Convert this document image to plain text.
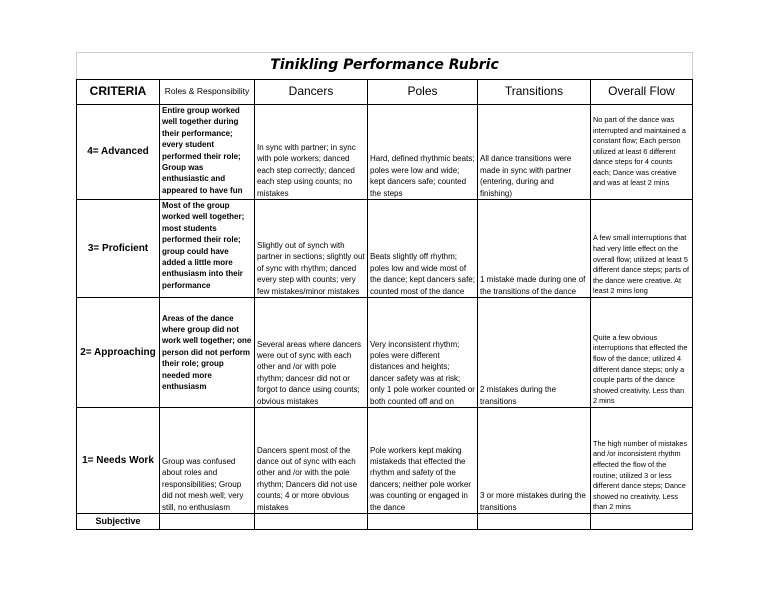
Tinikling Performance Rubric					
CRITERIA	Roles & Responsibility	Dancers	Poles	Transitions	Overall Flow
4= Advanced	Entire group worked well together during their performance; every student performed their role; Group was enthusiastic and appeared to have fun	In sync with partner; in sync with pole workers; danced each step correctly; danced each step using counts; no mistakes	Hard, defined rhythmic beats; poles were low and wide; kept dancers safe; counted the steps	All dance transitions were made in sync with partner (entering, during and finishing)	No part of the dance was interrupted and maintained a constant flow; Each person utilized at least 6 different dance steps for 4 counts each; Dance was creative and was at least 2 mins
3= Proficient	Most of the group worked well together; most students performed their role; group could have added a little more enthusiasm into their performance	Slightly out of synch with partner in sections; slightly out of sync with rhythm; danced every step with counts; very few mistakes/minor mistakes	Beats slightly off rhythm; poles low and wide most of the dance; kept dancers safe; counted most of the dance	1 mistake made during one of the transitions of the dance	A few small interruptions that had very little effect on the overall flow; utilized at least 5 different dance steps; parts of the dance were creative. At least 2 mins long
2= Approaching	Areas of the dance where group did not work well together; one person did not perform their role; group needed more enthusiasm	Several areas where dancers were out of sync with each other and /or with pole rhythm; dancesr did not or forgot to dance using counts; obvious mistakes	Very inconsistent rhythm; poles were different distances and heights; dancer safety was at risk; only 1 pole worker counted or both counted off and on	2 mistakes during the transitions	Quite a few obvious interruptions that effected the flow of the dance; utilized 4 different dance steps; only a couple parts of the dance showed creativity. Less than 2 mins
1= Needs Work	Group was confused about roles and responsibilities; Group did not mesh well; very still, no enthusiasm	Dancers spent most of the dance out of sync with each other and /or with the pole rhythm; Dancers did not use counts; 4 or more obvious mistakes	Pole workers kept making mistakeds that effected the rhythm and safety of the dancers; neither pole worker was counting or engaged in the dance	3 or more mistakes during the transitions	The high number of mistakes and /or inconsistent rhythm effected the flow of the routine; utilized 3 or less different dance steps; Dance showed no creativity. Less than 2 mins
Subjective					
